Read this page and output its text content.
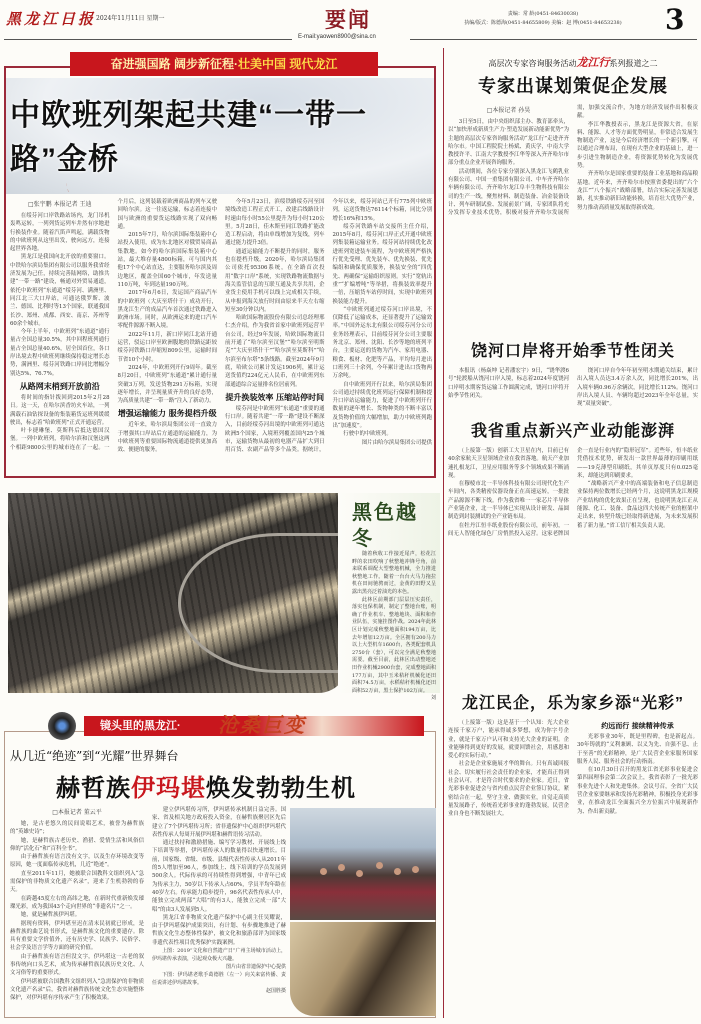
黑龙江日报 2024年11月11日 星期一	要闻
E-mail:yaowen8900@sina.cn
责编：常 龄(0451-84630038)
执编/版式：陈德海(0451-84655809) 美编：赵 博(0451-84653238)	3
奋进强国路 阔步新征程·壮美中国 现代龙江
中欧班列架起共建“一带一路”金桥
□张宇鹏 本报记者 王迪

在绥芬河口岸铁路站场内，龙门吊机轰鸣运转，一列列货运列车井然有序地进行换装作业。随着汽笛声鸣起，满载货物的中欧班列从这里出发，驶向远方，连接起世界各地。

黑龙江是我国向北开放的重要窗口。中铁哈尔滨局集团有限公司以服务我省经济发展为己任，持续完善陆网络，助推共建“一带一路”建设，畅通对外贸易通道，依托中欧班列“东通道”绥芬河、满洲里、同江北三大口岸站，可通达俄罗斯、波兰、德国、比利时等13个国家，联通我国长沙、郑州、成都、西安、南京、苏州等60余个城市。

今年上半年，中欧班列“东通道”通行量占全国总量30.5%，其中回程班列通行量占全国总量40.6%，居全国首位，各口岸出境去程中欧班列继续保持稳定增长态势，满洲里、绥芬河铁路口岸同比增幅分别达5%、76.7%。

从路网末梢到开放前沿

将时间的指针拨回到2015年2月28日。这一天，在哈尔滨香坊火车站，一列满载石油钻探设备的集装箱货运班列缓缓驶出，标志着“哈欧班列”正式开通运营。

叶卡捷琳堡、莫斯科后抵达德国汉堡。一列中欧班列，将哈尔滨和汉堡这两个相距9800公里的城市连在了一起。一个月后，这列装载着欧洲商品的列车又驶回哈尔滨。这一往返运输，标志着连接中国与欧洲的重要货运线路实现了双向畅通。

2015年7月，哈尔滨国际集装箱中心站投入使用，成为东北地区对俄贸易商品集散地。如今的哈尔滨国际集装箱中心站，最大堆存量4800标箱，可与国内其他17个中心站直达，主要服务哈尔滨及周边地区，覆盖全国60个城市，年发送量110万吨，年到达量190万吨。

2017年6月6日，发运国产商品汽车的中欧班列（大庆至塔什干）成功开行，黑龙江生产的成品汽车首次通过铁路进入欧洲市场。同时，从欧洲运来的进口汽车零配件源源不断入境。

2022年11月，新口岸同江北站开通运营，驳运口岸至欧洲腹地的铁路运距较绥芬河铁路口岸缩短809公里，运输时间节省10个小时。

2024年，中欧班列开行9周年。截至8月20日，中欧班列“东通道”累计通行量突破3万列，发送货物291万标箱，实现逐年增长，并呈现量质齐升的良好态势，为高质量共建“一带一路”注入了新动力。

增强运输能力 服务提档升级

近年来，哈尔滨局集团公司一直致力于增强其口岸站后方通道的运输能力，为中欧班列等重要国际物流通道提供更加高效、便捷的服务。

今年5月23日，滨绥铁路绥芬河至国境线改造工程正式开工，改建后线路设计时速由每小时55公里提升为每小时120公里。5月28日，佳木斯至同江铁路扩能改造工程启动，将由单线增加为复线，列车通过能力提升3倍。

通道运输能力不断提升的同时，服务也在提档升级。2020年，哈尔滨局集团公司依托95306系统，在全路首次投用“数字口岸”系统，实现铁路物流数据与海关监管信息的互联互通及共享共用，企业货主使用手机可以线上完成相关手续，从申报到海关放行时间由原来半天左右缩短至30分钟以内。

哈欧国际物流股份有限公司总经理邢仁杰介绍，作为我省首家中欧班列运营平台公司，经过9年发展，哈欧国际物流目前开通了“哈尔滨至汉堡”“哈尔滨至明斯克”“大庆至塔什干”“哈尔滨至莫斯科”“哈尔滨至布尔塔”5条线路。截至2024年9月底，哈欧公司累计发运1906列，累计运送货值约224亿元人民币，在中欧班列东部通道综合运量排名位居前列。

提升换装效率 压缩站停时间

绥芬河是中欧班列“东通道”重要的通行口岸。随着共建“一带一路”建设不断深入，目前经绥芬河出境的中欧班列可通达欧洲5个国家，入境班列覆盖国内25个城市，运输货物从最初的电器产品扩大到日用百货、农副产品等多个品类。据统计，今年以来，绥芬河站已开行775列中欧班列，运送货物达76114个标箱，同比分别增长16%和15%。

绥芬河铁路车站交接所主任介绍，2015年8月，绥芬河口岸正式开通中欧班列集装箱运输业务。绥芬河站持续优化改进班列宽进装车流程，为中欧班列严格执行优先受理、优先装车、优先换装、优先编组和确保优质服务，换装安全的“四优先、两确保”运输组织原则。实行“宽轨出重”“扩编增吨”等举措，将换装效率提升一倍，压缩货车站停时间，实现中欧班列换装能力提升。

“中欧班列通过绥芬河口岸出境，不仅降低了运输成本，还显著提升了运输效率。”中国外运东北有限公司绥芬河分公司业务经理表示，目前绥芬河分公司主要服务北京、郑州、沈阳、长沙等地的班列平台，主要运送的货物为汽车、家用电器、粮食、板材、化肥等产品，平均每月进出口班列三十余列，今年累计进出口货物两万余吨。

自中欧班列开行以来，哈尔滨局集团公司通过持续优化班列运行保障机制和提升口岸站运输能力，促进了中欧班列开行数量的逐年增长、货物种类的不断丰富以及货物价值的大幅增加，助力中欧班列跑出“加速度”。

行驶中的中欧班列。

图片由哈尔滨局集团公司提供

黑色越冬

随着秋收工作接近尾声，松花江畔的农田吹响了秋整地冲锋号角，前来联系调配大型整地机械，全力推进秋整地工作。随着一台台大马力拖拉机在田间驰骋而过，金黄的田野又呈露出黑亮泛着油光的本色。

此林区前期部门层层压实责任，落实包保机制，制定了整地台账，明确了作业机车、整地地块、面积和作业队伍，实施挂图作战。2024年此林区计划完成秋整地面积194万亩，比去年增加12万亩。全区拥有200马力以上大型机车1600台，各类配套机具2750台（套），可以完全满足秋整地需要。截至目前，此林区出动整地还田作业机械2900台套，完成整地面积177万亩，其中玉米秸秆机械化还田面积74.5万亩，水稻秸秆机械化还田面积52万亩，黑土保护102万亩。

刘
镜头里的黑龙江· 沧桑巨变
从几近“绝迹”到“光耀”世界舞台
赫哲族伊玛堪焕发勃勃生机
□本报记者 董云平

她，是古老悠久的民间说唱艺术，被誉为赫哲族的“英雄史诗”；

她，是赫哲族古老历史、渔猎、爱情生活和风俗信仰的“活化石”和“百科全书”。

由于赫哲族有语言没有文字，以及生存环境改变等原因，她一度面临传承危机，几近“绝迹”。

直至2011年11月，她被联合国教科文组织列入“急需保护的非物质文化遗产名录”，迎来了生机勃勃的春天。

在跨越45度左右的高纬之地，在新时代重新焕发璀璨光彩，成为我国43个走向世界的“非遗名片”之一。

她，就是赫哲族伊玛堪。

据现有资料，伊玛堪至迟在清末民初就已形成，是赫哲族的曲艺说书形式，是赫哲族文化的重要遗存。除具有重要文学价值外，还有历史学、民族学、民俗学、社会学及语言学等方面的研究价值。

由于赫哲族有语言但没文字，伊玛堪这一古老的叙事传统向口头艺术，成为传承赫哲族民族历史文化、人文习俗等的重要形式。

伊玛堪被联合国教科文组织列入“急需保护的非物质文化遗产名录”后，我省对赫哲族传统文化生态实施整体保护，对伊玛堪有序传承产生了积极效果。

建立伊玛堪传习所，伊玛堪传承机制日益完善。国家、省及相关地方政府投入资金，在赫哲族聚居区先后建立了7个伊玛堪传习所；省非遗保护中心组织伊玛堪代表性传承人每周开展伊玛堪和赫哲语传习活动。

通过扶持和激励措施、编写学习教材、开展线上线下培训等举措，伊玛堪传承人的数量得以快速增长。目前，国家级、省级、市级、县级代表性传承人从2011年的5人增加至96人，参加线上、线下培训的学员发展到500余人。代际传承的可持续性得到增强，中青年已成为传承主力，50岁以下传承人占60%，学员平均年龄在40岁左右。传承能力稳步提升，96名代表性传承人中，能独立完成两部“大唱”的有3人，能独立完成一部“大唱”的由3人发展到5人。

黑龙江省非物质文化遗产保护中心副主任吴耀说，由于伊玛堪保护成果突出，有计划、有步骤地推进了赫哲族文化生态整体性保护，被文化和旅游部评为国家级非遗代表性项目优秀保护实践案例。

上图：2019“文化和自然遗产日”广州主场城市活动上，伊玛堪传承表演，引起观众极大兴趣。

图片由省非遗保护中心提供

下图：伊玛堪老歌手葛德胜（左一）向关来富传播、责任说讲述伊玛堪故事。

赵国胜摄

高层次专家咨询服务活动龙江行系列报道之二
专家出谋划策促企发展
□本报记者 孙昊

3日至5日，由中央组织部主办、教育部牵头，以“加快形成新质生产力·塑造发展新动能新优势”为主题的高层次专家咨询服务活动“龙江行”走进齐齐哈尔市。中国工程院院士杨斌、黄庆学，中南大学教授许平、江南大学教授李江华等深入齐齐哈尔市部分重点企业开展咨询服务。

活动期间，各位专家分别深入黑龙江飞鹤乳业有限公司、中国一重集团有限公司、中车齐齐哈尔车辆有限公司、齐齐哈尔龙江阜丰生物科技有限公司的生产一线，聚焦材料、制造装备、冶金装备设计、列车研制试验、发展前景广阔，专家团队将充分发挥专业技术优势，积极对接齐齐哈尔发展所需，加强交流合作，为地方经济发展作出积极贡献。

李江华教授表示，黑龙江是资源大省，在原料、能源、人才等方面优势明显，非常适合发展生物制造产业，这是今后经济增长的一个新引擎，可以通过合理布局，在现有大型企业的基础上，进一步引进生物制造企业，将资源优势转化为发展优势。

齐齐哈尔是国家重要的装备工业基地和商品粮基地。近年来，齐齐哈尔市按照省委提出的“六个龙江”“八个振兴”战略部署，结合实际完善发展思路，扎实推动新旧动能转换，培育壮大优势产业，努力推动高质量发展取得新成效。

饶河口岸将开始季节性闭关

本报讯（杨焱坤 记者潘宏宇）9日，“饶华渡6号”轮渡船从饶河口岸入境，标志着2024年度饶河口岸明水期客货运输工作圆满完成，饶河口岸将开始季节性闭关。

饶河口岸自今年年初至明水期通关结束，累计出入境人员达3.4万余人次，同比增长201%，出入境车辆0.96万余辆次，同比增长112%。饶河口岸出入境人员、车辆均超过2023年全年总量，实现“双量突破”。

我省重点新兴产业动能澎湃

（上接第一版）创新工大卫星在内，目前已有40余家航天卫星领域企业在我省落地。航天产业加速扎根龙江，卫星应用服务等多个领域成果不断涌现。

在穆棱市北一半导体科技有限公司现代化生产车间内，各类精密仪器设备正在高速运转，一批批产品源源不断下线。作为我省唯一一家芯片半导体产业链企业，北一半导体已实现从设计研发、晶圆制造到封装测试的全产业链布局。

在牡丹江恒丰纸业股份有限公司，前年初，一间无人智能化绿色厂房悄然投入运营。这家老牌国企一直是行业内的“隐形冠军”。近些年，恒丰纸业凭借技术优势，研发出一款世界最薄的印刷用纸——19克薄型印刷纸，其单页厚度只有0.025毫米，却能达到印刷要求。

“战略新兴产业中的高端装备和电子信息制造业保持两位数增长已经两个月，这说明黑龙江规模产业结构的优化效果正在呈现，也说明黑龙江正从能源、化工、装备、食品这四大传统产业的框架中走出来，转型升级已经取得新进展，为未来发展积蓄了新力量。”省工信厅相关负责人说。

龙江民企，乐为家乡添“光彩”

（上接第一版）这是基于一个认知：光大企业连接千家万户，能承得诚多梦想，成为你字号企业，就是千家万户认可和支持光大企业的证明。企业能够得到更好的发展，就要回馈社会，用感恩和爱心的实际行动。”

社会是企业家施展才华的舞台。只有真诚回报社会、切实履行社会责任的企业家，才能真正得到社会认可，才是符合时代要求的企业家。近日，省光彩事业促进会与省内重点民营企业签订协议，紧密结合在一起，坚守主业、做强实业，自觉走高质量发展路子，传统着光彩事业的蓬勃发展，民营企业自身也不断发展壮大。

约远而行 接续精神传承

光彩事业30年，既是里程碑，也是新起点。30年铸就的“义利兼顾、以义为先、自强不息、止于至善”的光彩精神，是广大民营企业家服务国家服务人民、服务社会的行动指南。

在10月30日召开的黑龙江省光彩事业促进会第四届理事会第二次会议上，我省表彰了一批光彩事业先进个人和先进集体。会议号召，全省广大民营企业家要继承和发扬光彩精神，积极投身光彩事业，在推动龙江全面振兴全方位振兴中展现新作为、作出新贡献。
